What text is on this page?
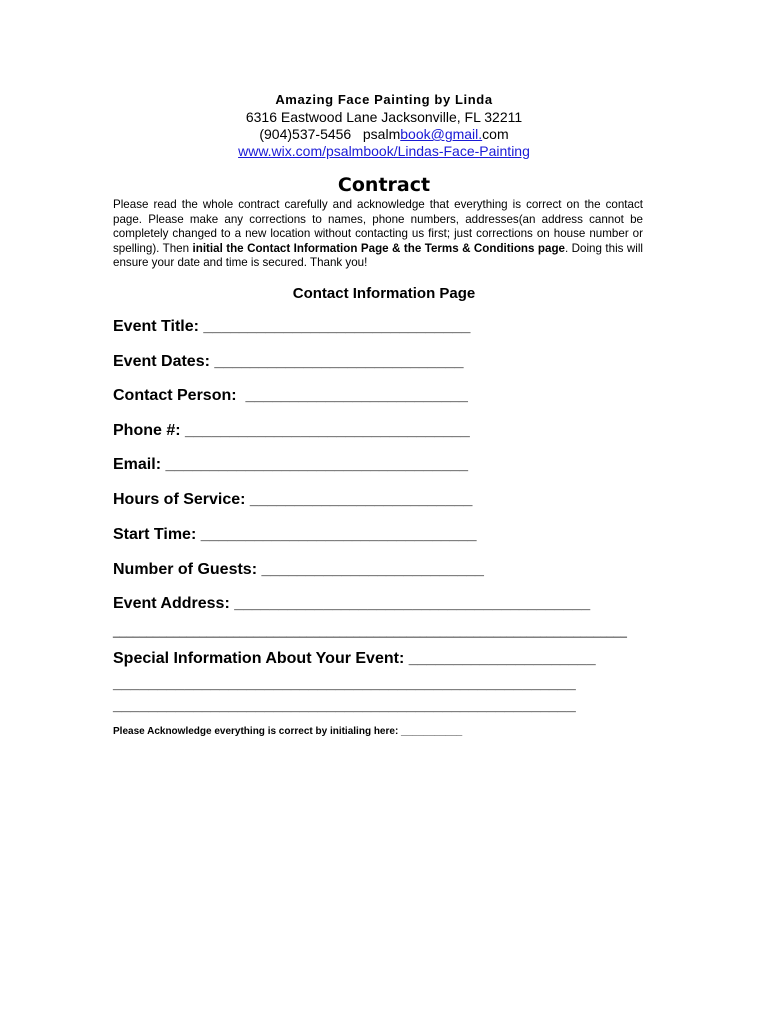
Amazing Face Painting by Linda
6316 Eastwood Lane Jacksonville, FL 32211
(904)537-5456 psalmbook@gmail.com
www.wix.com/psalmbook/Lindas-Face-Painting
Contract
Please read the whole contract carefully and acknowledge that everything is correct on the contact page. Please make any corrections to names, phone numbers, addresses(an address cannot be completely changed to a new location without contacting us first; just corrections on house number or spelling). Then initial the Contact Information Page & the Terms & Conditions page. Doing this will ensure your date and time is secured. Thank you!
Contact Information Page
Event Title: ______________________________
Event Dates: ____________________________
Contact Person:  _________________________
Phone #: ________________________________
Email: __________________________________
Hours of Service: _________________________
Start Time: _______________________________
Number of Guests: _________________________
Event Address: ________________________________________
_____________________________________________________________________________
Special Information About Your Event: _____________________
____________________________________________________
____________________________________________________
Please Acknowledge everything is correct by initialing here: ___________
